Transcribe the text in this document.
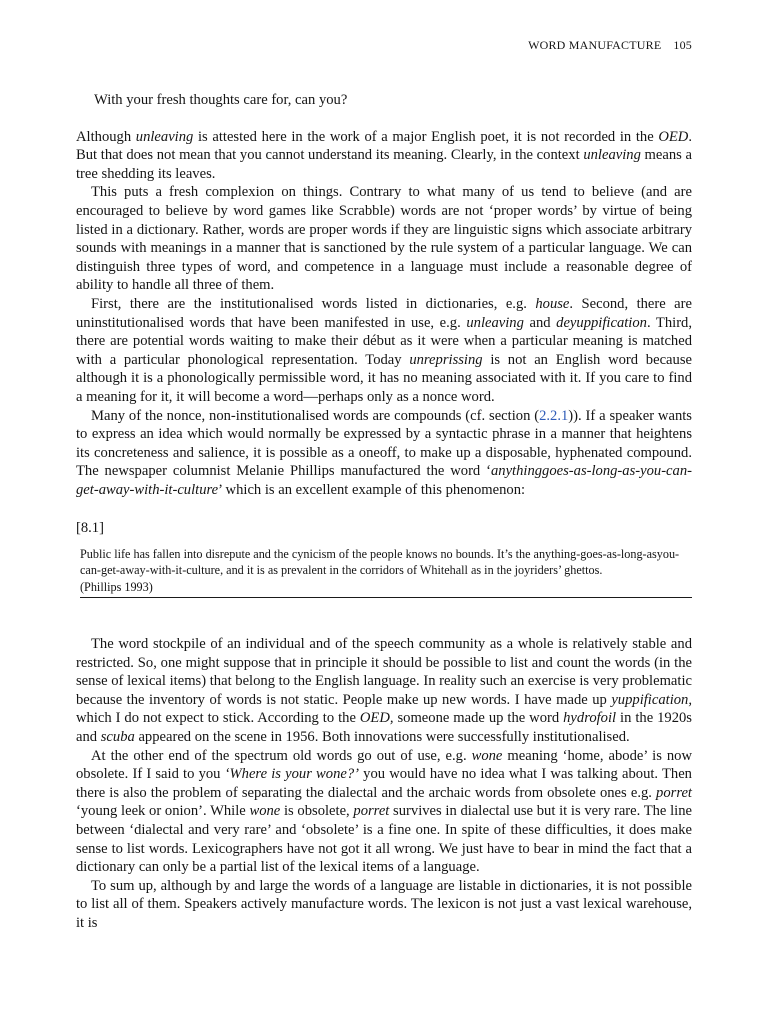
WORD MANUFACTURE 105
With your fresh thoughts care for, can you?

Although unleaving is attested here in the work of a major English poet, it is not recorded in the OED. But that does not mean that you cannot understand its meaning. Clearly, in the context unleaving means a tree shedding its leaves.

This puts a fresh complexion on things. Contrary to what many of us tend to believe (and are encouraged to believe by word games like Scrabble) words are not ‘proper words’ by virtue of being listed in a dictionary. Rather, words are proper words if they are linguistic signs which associate arbitrary sounds with meanings in a manner that is sanctioned by the rule system of a particular language. We can distinguish three types of word, and competence in a language must include a reasonable degree of ability to handle all three of them.

First, there are the institutionalised words listed in dictionaries, e.g. house. Second, there are uninstitutionalised words that have been manifested in use, e.g. unleaving and deyuppification. Third, there are potential words waiting to make their début as it were when a particular meaning is matched with a particular phonological representation. Today unreprissing is not an English word because although it is a phonologically permissible word, it has no meaning associated with it. If you care to find a meaning for it, it will become a word—perhaps only as a nonce word.

Many of the nonce, non-institutionalised words are compounds (cf. section (2.2.1)). If a speaker wants to express an idea which would normally be expressed by a syntactic phrase in a manner that heightens its concreteness and salience, it is possible as a oneoff, to make up a disposable, hyphenated compound. The newspaper columnist Melanie Phillips manufactured the word ‘anythinggoes-as-long-as-you-can-get-away-with-it-culture’ which is an excellent example of this phenomenon:

[8.1]

Public life has fallen into disrepute and the cynicism of the people knows no bounds. It’s the anything-goes-as-long-asyou-can-get-away-with-it-culture, and it is as prevalent in the corridors of Whitehall as in the joyriders’ ghettos.

(Phillips 1993)

The word stockpile of an individual and of the speech community as a whole is relatively stable and restricted. So, one might suppose that in principle it should be possible to list and count the words (in the sense of lexical items) that belong to the English language. In reality such an exercise is very problematic because the inventory of words is not static. People make up new words. I have made up yuppification, which I do not expect to stick. According to the OED, someone made up the word hydrofoil in the 1920s and scuba appeared on the scene in 1956. Both innovations were successfully institutionalised.

At the other end of the spectrum old words go out of use, e.g. wone meaning ‘home, abode’ is now obsolete. If I said to you ‘Where is your wone?’ you would have no idea what I was talking about. Then there is also the problem of separating the dialectal and the archaic words from obsolete ones e.g. porret ‘young leek or onion’. While wone is obsolete, porret survives in dialectal use but it is very rare. The line between ‘dialectal and very rare’ and ‘obsolete’ is a fine one. In spite of these difficulties, it does make sense to list words. Lexicographers have not got it all wrong. We just have to bear in mind the fact that a dictionary can only be a partial list of the lexical items of a language.

To sum up, although by and large the words of a language are listable in dictionaries, it is not possible to list all of them. Speakers actively manufacture words. The lexicon is not just a vast lexical warehouse, it is
